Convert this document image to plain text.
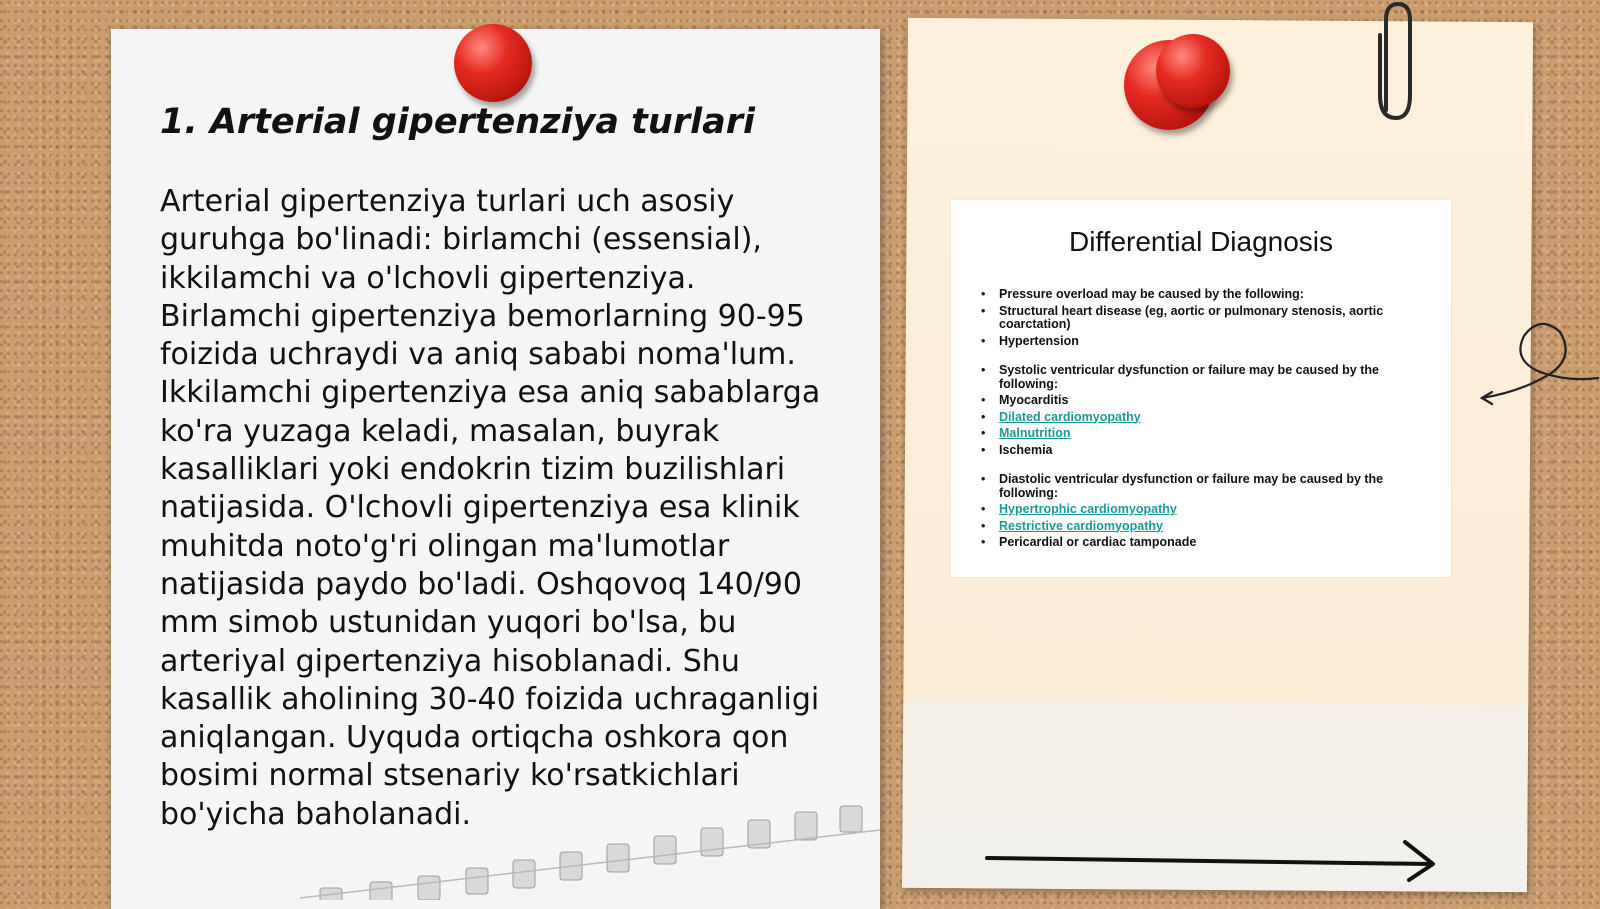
1. Arterial gipertenziya turlari

Arterial gipertenziya turlari uch asosiy guruhga bo'linadi: birlamchi (essensial), ikkilamchi va o'lchovli gipertenziya. Birlamchi gipertenziya bemorlarning 90-95 foizida uchraydi va aniq sababi noma'lum. Ikkilamchi gipertenziya esa aniq sabablarga ko'ra yuzaga keladi, masalan, buyrak kasalliklari yoki endokrin tizim buzilishlari natijasida. O'lchovli gipertenziya esa klinik muhitda noto'g'ri olingan ma'lumotlar natijasida paydo bo'ladi. Oshqovoq 140/90 mm simob ustunidan yuqori bo'lsa, bu arteriyal gipertenziya hisoblanadi. Shu kasallik aholining 30-40 foizida uchraganligi aniqlangan. Uyquda ortiqcha oshkora qon bosimi normal stsenariy ko'rsatkichlari bo'yicha baholanadi.

Differential Diagnosis
• Pressure overload may be caused by the following:
• Structural heart disease (eg, aortic or pulmonary stenosis, aortic coarctation)
• Hypertension
• Systolic ventricular dysfunction or failure may be caused by the following:
• Myocarditis
• Dilated cardiomyopathy
• Malnutrition
• Ischemia
• Diastolic ventricular dysfunction or failure may be caused by the following:
• Hypertrophic cardiomyopathy
• Restrictive cardiomyopathy
• Pericardial or cardiac tamponade
